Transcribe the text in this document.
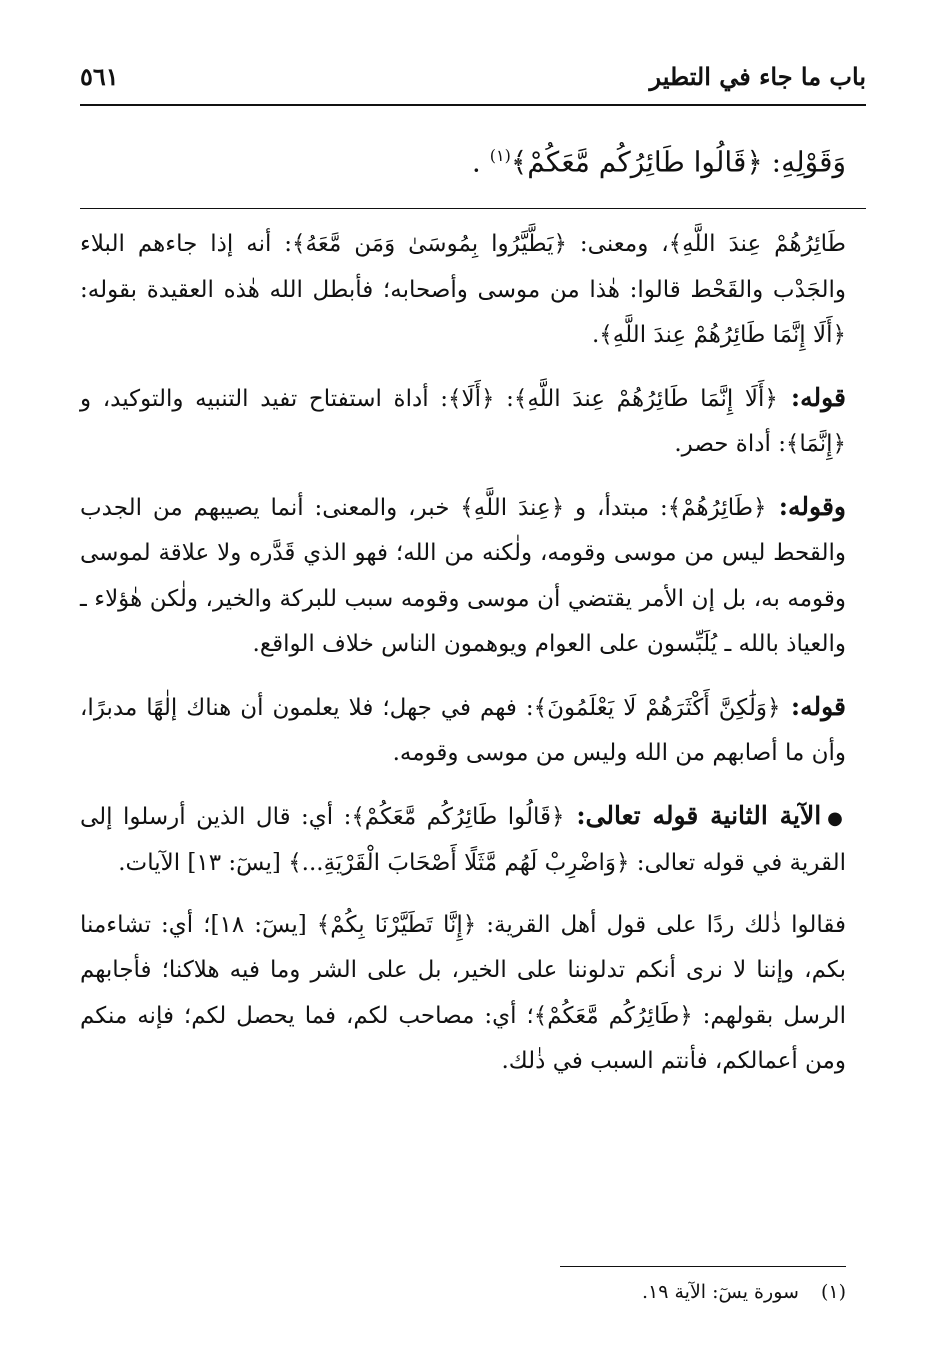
باب ما جاء في التطير
٥٦١
وَقَوْلِهِ: ﴿قَالُوا طَائِرُكُم مَّعَكُمْ﴾$^{(١)}$ .

طَائِرُهُمْ عِندَ اللَّهِ﴾، ومعنى: ﴿يَطَّيَّرُوا بِمُوسَىٰ وَمَن مَّعَهُ﴾: أنه إذا جاءهم البلاء والجَدْب والقَحْط قالوا: هٰذا من موسى وأصحابه؛ فأبطل الله هٰذه العقيدة بقوله: ﴿أَلَا إِنَّمَا طَائِرُهُمْ عِندَ اللَّهِ﴾.

قوله: ﴿أَلَا إِنَّمَا طَائِرُهُمْ عِندَ اللَّهِ﴾: ﴿أَلَا﴾: أداة استفتاح تفيد التنبيه والتوكيد، و ﴿إِنَّمَا﴾: أداة حصر.

وقوله: ﴿طَائِرُهُمْ﴾: مبتدأ، و ﴿عِندَ اللَّهِ﴾ خبر، والمعنى: أنما يصيبهم من الجدب والقحط ليس من موسى وقومه، ولٰكنه من الله؛ فهو الذي قَدَّره ولا علاقة لموسى وقومه به، بل إن الأمر يقتضي أن موسى وقومه سبب للبركة والخير، ولٰكن هٰؤلاء ـ والعياذ بالله ـ يُلَبِّسون على العوام ويوهمون الناس خلاف الواقع.

قوله: ﴿وَلَٰكِنَّ أَكْثَرَهُمْ لَا يَعْلَمُونَ﴾: فهم في جهل؛ فلا يعلمون أن هناك إلٰهًا مدبرًا، وأن ما أصابهم من الله وليس من موسى وقومه.

●الآية الثانية قوله تعالى: ﴿قَالُوا طَائِرُكُم مَّعَكُمْ﴾: أي: قال الذين أرسلوا إلى القرية في قوله تعالى: ﴿وَاضْرِبْ لَهُم مَّثَلًا أَصْحَابَ الْقَرْيَةِ...﴾ [يسٓ: ١٣] الآيات.

فقالوا ذٰلك ردًا على قول أهل القرية: ﴿إِنَّا تَطَيَّرْنَا بِكُمْ﴾ [يسٓ: ١٨]؛ أي: تشاءمنا بكم، وإننا لا نرى أنكم تدلوننا على الخير، بل على الشر وما فيه هلاكنا؛ فأجابهم الرسل بقولهم: ﴿طَائِرُكُم مَّعَكُمْ﴾؛ أي: مصاحب لكم، فما يحصل لكم؛ فإنه منكم ومن أعمالكم، فأنتم السبب في ذٰلك.

(١)سورة يسٓ: الآية ١٩.
